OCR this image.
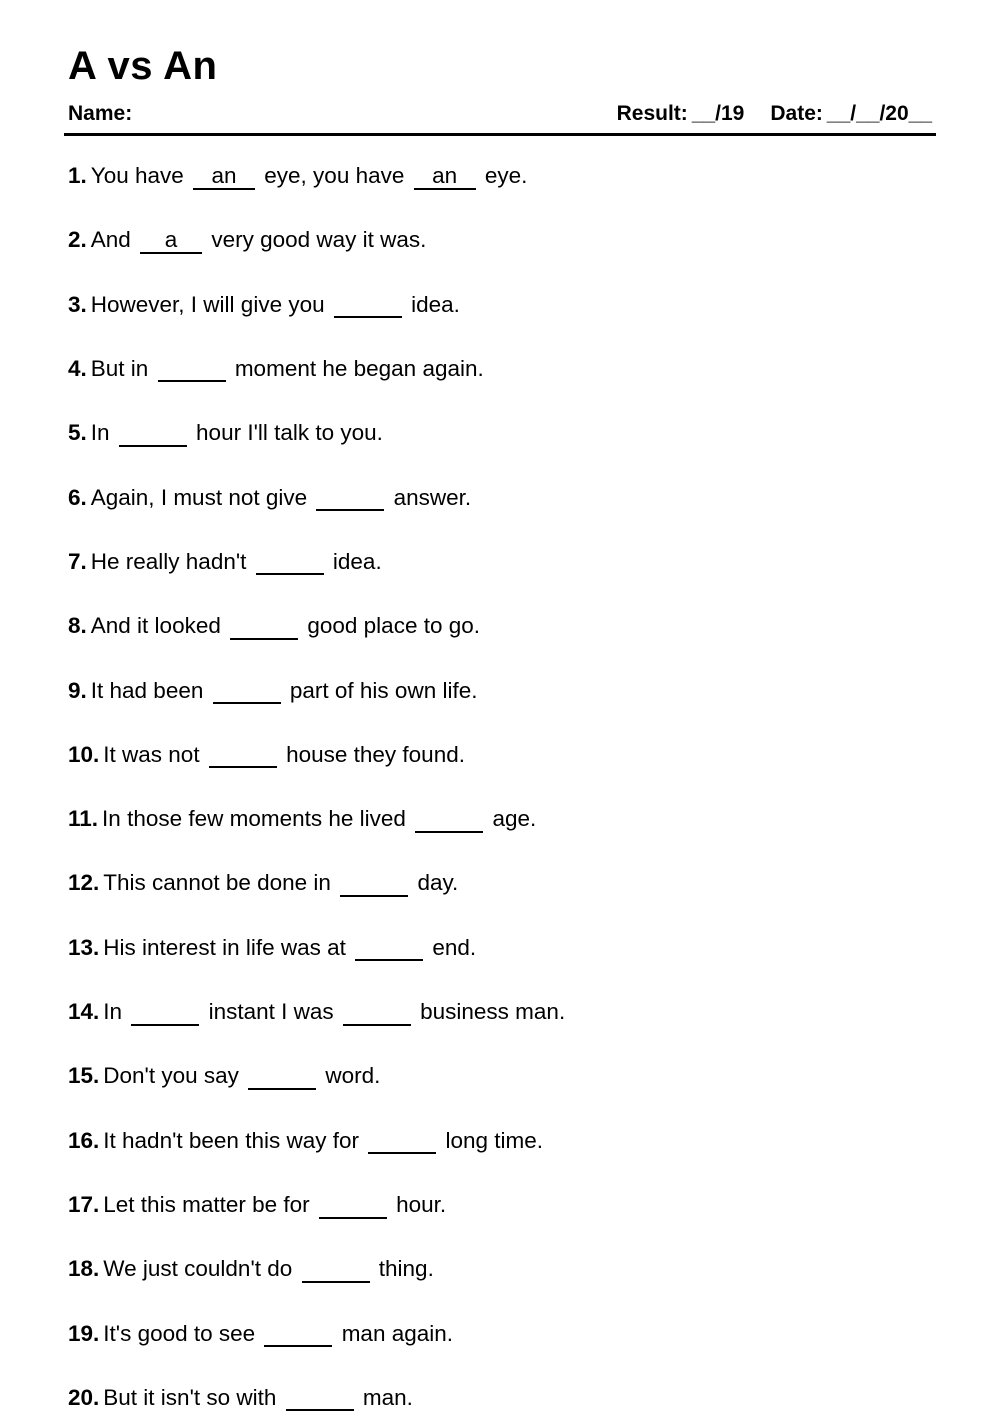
A vs An
Name:	Result: __/19 Date: __/__/20__
1. You have an eye, you have an eye.
2. And a very good way it was.
3. However, I will give you	idea.
4. But in	moment he began again.
5. In	hour I'll talk to you.
6. Again, I must not give	answer.
7. He really hadn't	idea.
8. And it looked	good place to go.
9. It had been	part of his own life.
10. It was not	house they found.
11. In those few moments he lived	age.
12. This cannot be done in	day.
13. His interest in life was at	end.
14. In	instant I was	business man.
15. Don't you say	word.
16. It hadn't been this way for	long time.
17. Let this matter be for	hour.
18. We just couldn't do	thing.
19. It's good to see	man again.
20. But it isn't so with	man.
